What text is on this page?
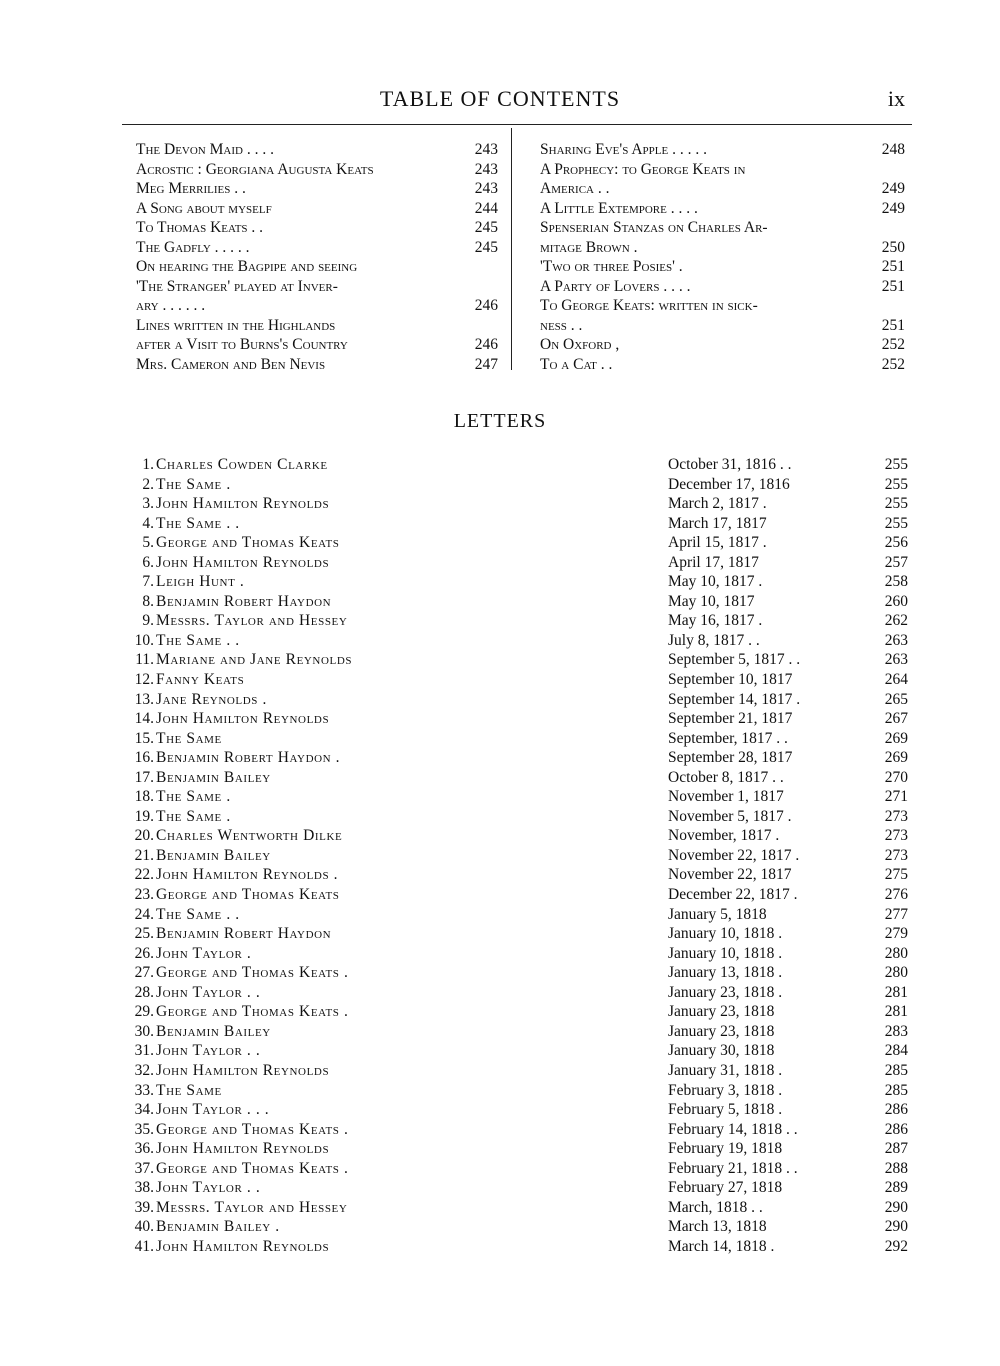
TABLE OF CONTENTS	ix
The Devon Maid . . . .	243
Acrostic : Georgiana Augusta Keats	243
Meg Merrilies . .	243
A Song about myself	244
To Thomas Keats . .	245
The Gadfly . . . . .	245
On hearing the Bagpipe and seeing
'The Stranger' played at Inver-
ary . . . . . .	246
Lines written in the Highlands
after a Visit to Burns's Country	246
Mrs. Cameron and Ben Nevis	247
Sharing Eve's Apple . . . . .	248
A Prophecy: to George Keats in
America . .	249
A Little Extempore . . . .	249
Spenserian Stanzas on Charles Ar-
mitage Brown .	250
'Two or three Posies' .	251
A Party of Lovers . . . .	251
To George Keats: written in sick-
ness . .	251
On Oxford ,	252
To a Cat . .	252
LETTERS
1. Charles Cowden Clarke	October 31, 1816 . .	255
2. The Same .	December 17, 1816	255
3. John Hamilton Reynolds	March 2, 1817 .	255
4. The Same . .	March 17, 1817	255
5. George and Thomas Keats	April 15, 1817 .	256
6. John Hamilton Reynolds	April 17, 1817	257
7. Leigh Hunt .	May 10, 1817 .	258
8. Benjamin Robert Haydon	May 10, 1817	260
9. Messrs. Taylor and Hessey	May 16, 1817 .	262
10. The Same . .	July 8, 1817 . .	263
11. Mariane and Jane Reynolds	September 5, 1817 . .	263
12. Fanny Keats	September 10, 1817	264
13. Jane Reynolds .	September 14, 1817 .	265
14. John Hamilton Reynolds	September 21, 1817	267
15. The Same	September, 1817 . .	269
16. Benjamin Robert Haydon .	September 28, 1817	269
17. Benjamin Bailey	October 8, 1817 . .	270
18. The Same .	November 1, 1817	271
19. The Same .	November 5, 1817 .	273
20. Charles Wentworth Dilke	November, 1817 .	273
21. Benjamin Bailey	November 22, 1817 .	273
22. John Hamilton Reynolds .	November 22, 1817	275
23. George and Thomas Keats	December 22, 1817 .	276
24. The Same . .	January 5, 1818	277
25. Benjamin Robert Haydon	January 10, 1818 .	279
26. John Taylor .	January 10, 1818 .	280
27. George and Thomas Keats .	January 13, 1818 .	280
28. John Taylor . .	January 23, 1818 .	281
29. George and Thomas Keats .	January 23, 1818	281
30. Benjamin Bailey	January 23, 1818	283
31. John Taylor . .	January 30, 1818	284
32. John Hamilton Reynolds	January 31, 1818 .	285
33. The Same	February 3, 1818 .	285
34. John Taylor . . .	February 5, 1818 .	286
35. George and Thomas Keats .	February 14, 1818 . .	286
36. John Hamilton Reynolds	February 19, 1818	287
37. George and Thomas Keats .	February 21, 1818 . .	288
38. John Taylor . .	February 27, 1818	289
39. Messrs. Taylor and Hessey	March, 1818 . .	290
40. Benjamin Bailey .	March 13, 1818	290
41. John Hamilton Reynolds	March 14, 1818 .	292
